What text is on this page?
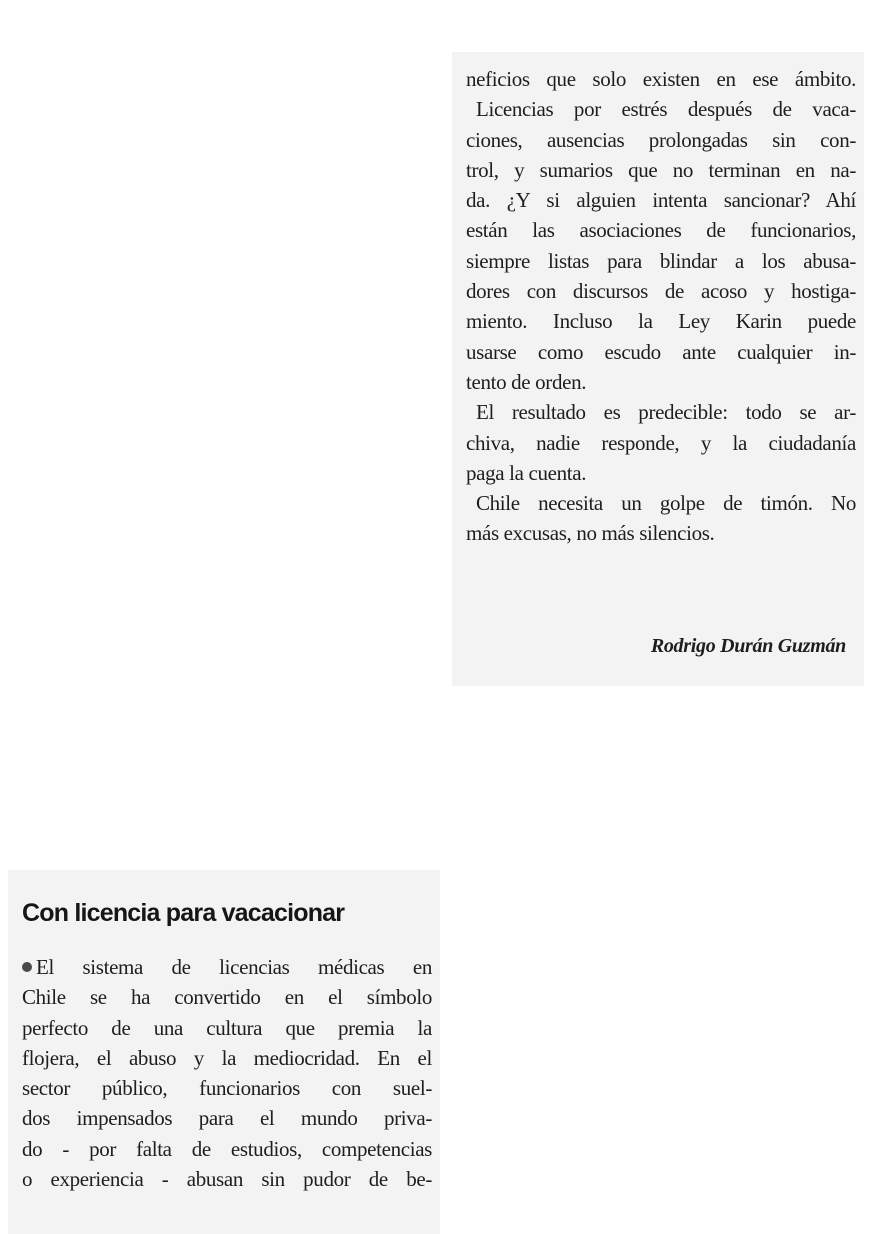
neficios que solo existen en ese ámbito.
Licencias por estrés después de vaca-
ciones, ausencias prolongadas sin con-
trol, y sumarios que no terminan en na-
da. ¿Y si alguien intenta sancionar? Ahí
están las asociaciones de funcionarios,
siempre listas para blindar a los abusa-
dores con discursos de acoso y hostiga-
miento. Incluso la Ley Karin puede
usarse como escudo ante cualquier in-
tento de orden.
El resultado es predecible: todo se ar-
chiva, nadie responde, y la ciudadanía
paga la cuenta.
Chile necesita un golpe de timón. No
más excusas, no más silencios.
Rodrigo Durán Guzmán
Con licencia para vacacionar
El sistema de licencias médicas en
Chile se ha convertido en el símbolo
perfecto de una cultura que premia la
flojera, el abuso y la mediocridad. En el
sector público, funcionarios con suel-
dos impensados para el mundo priva-
do - por falta de estudios, competencias
o experiencia - abusan sin pudor de be-
